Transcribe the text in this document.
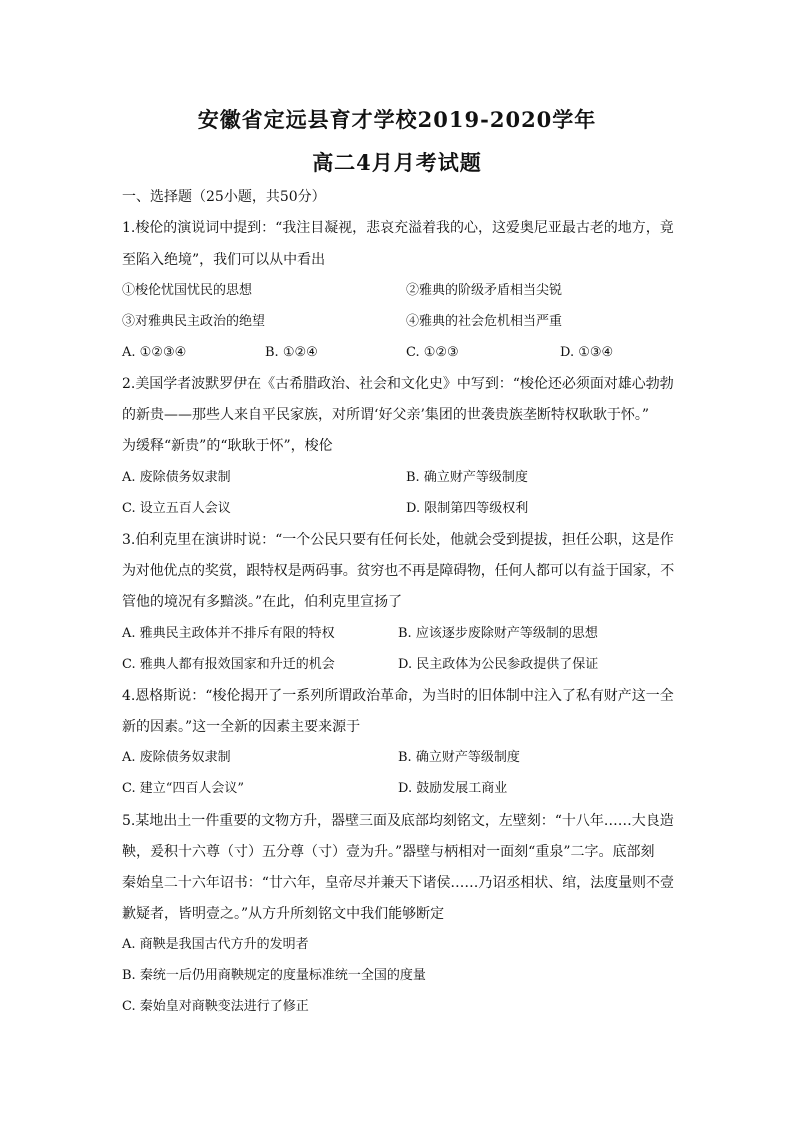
安徽省定远县育才学校2019-2020学年
高二4月月考试题
一、选择题（25小题，共50分）
1.梭伦的演说词中提到：“我注目凝视，悲哀充溢着我的心，这爱奥尼亚最古老的地方，竟
至陷入绝境”，我们可以从中看出
①梭伦忧国忧民的思想	②雅典的阶级矛盾相当尖锐
③对雅典民主政治的绝望	④雅典的社会危机相当严重
A. ①②③④	B. ①②④	C. ①②③	D. ①③④
2.美国学者波默罗伊在《古希腊政治、社会和文化史》中写到：“梭伦还必须面对雄心勃勃
的新贵——那些人来自平民家族，对所谓‘好父亲’集团的世袭贵族垄断特权耿耿于怀。”
为缓释“新贵”的“耿耿于怀”，梭伦
A. 废除债务奴隶制	B. 确立财产等级制度
C. 设立五百人会议	D. 限制第四等级权利
3.伯利克里在演讲时说：“一个公民只要有任何长处，他就会受到提拔，担任公职，这是作
为对他优点的奖赏，跟特权是两码事。贫穷也不再是障碍物，任何人都可以有益于国家，不
管他的境况有多黯淡。”在此，伯利克里宣扬了
A. 雅典民主政体并不排斥有限的特权	B. 应该逐步废除财产等级制的思想
C. 雅典人都有报效国家和升迁的机会	D. 民主政体为公民参政提供了保证
4.恩格斯说：“梭伦揭开了一系列所谓政治革命，为当时的旧体制中注入了私有财产这一全
新的因素。”这一全新的因素主要来源于
A. 废除债务奴隶制	B. 确立财产等级制度
C. 建立“四百人会议”	D. 鼓励发展工商业
5.某地出土一件重要的文物方升，器壁三面及底部均刻铭文，左壁刻：“十八年……大良造
鞅，爰积十六尊（寸）五分尊（寸）壹为升。”器壁与柄相对一面刻“重泉”二字。底部刻
秦始皇二十六年诏书：“廿六年，皇帝尽并兼天下诸侯……乃诏丞相状、绾，法度量则不壹
歉疑者，皆明壹之。”从方升所刻铭文中我们能够断定
A. 商鞅是我国古代方升的发明者
B. 秦统一后仍用商鞅规定的度量标准统一全国的度量
C. 秦始皇对商鞅变法进行了修正
